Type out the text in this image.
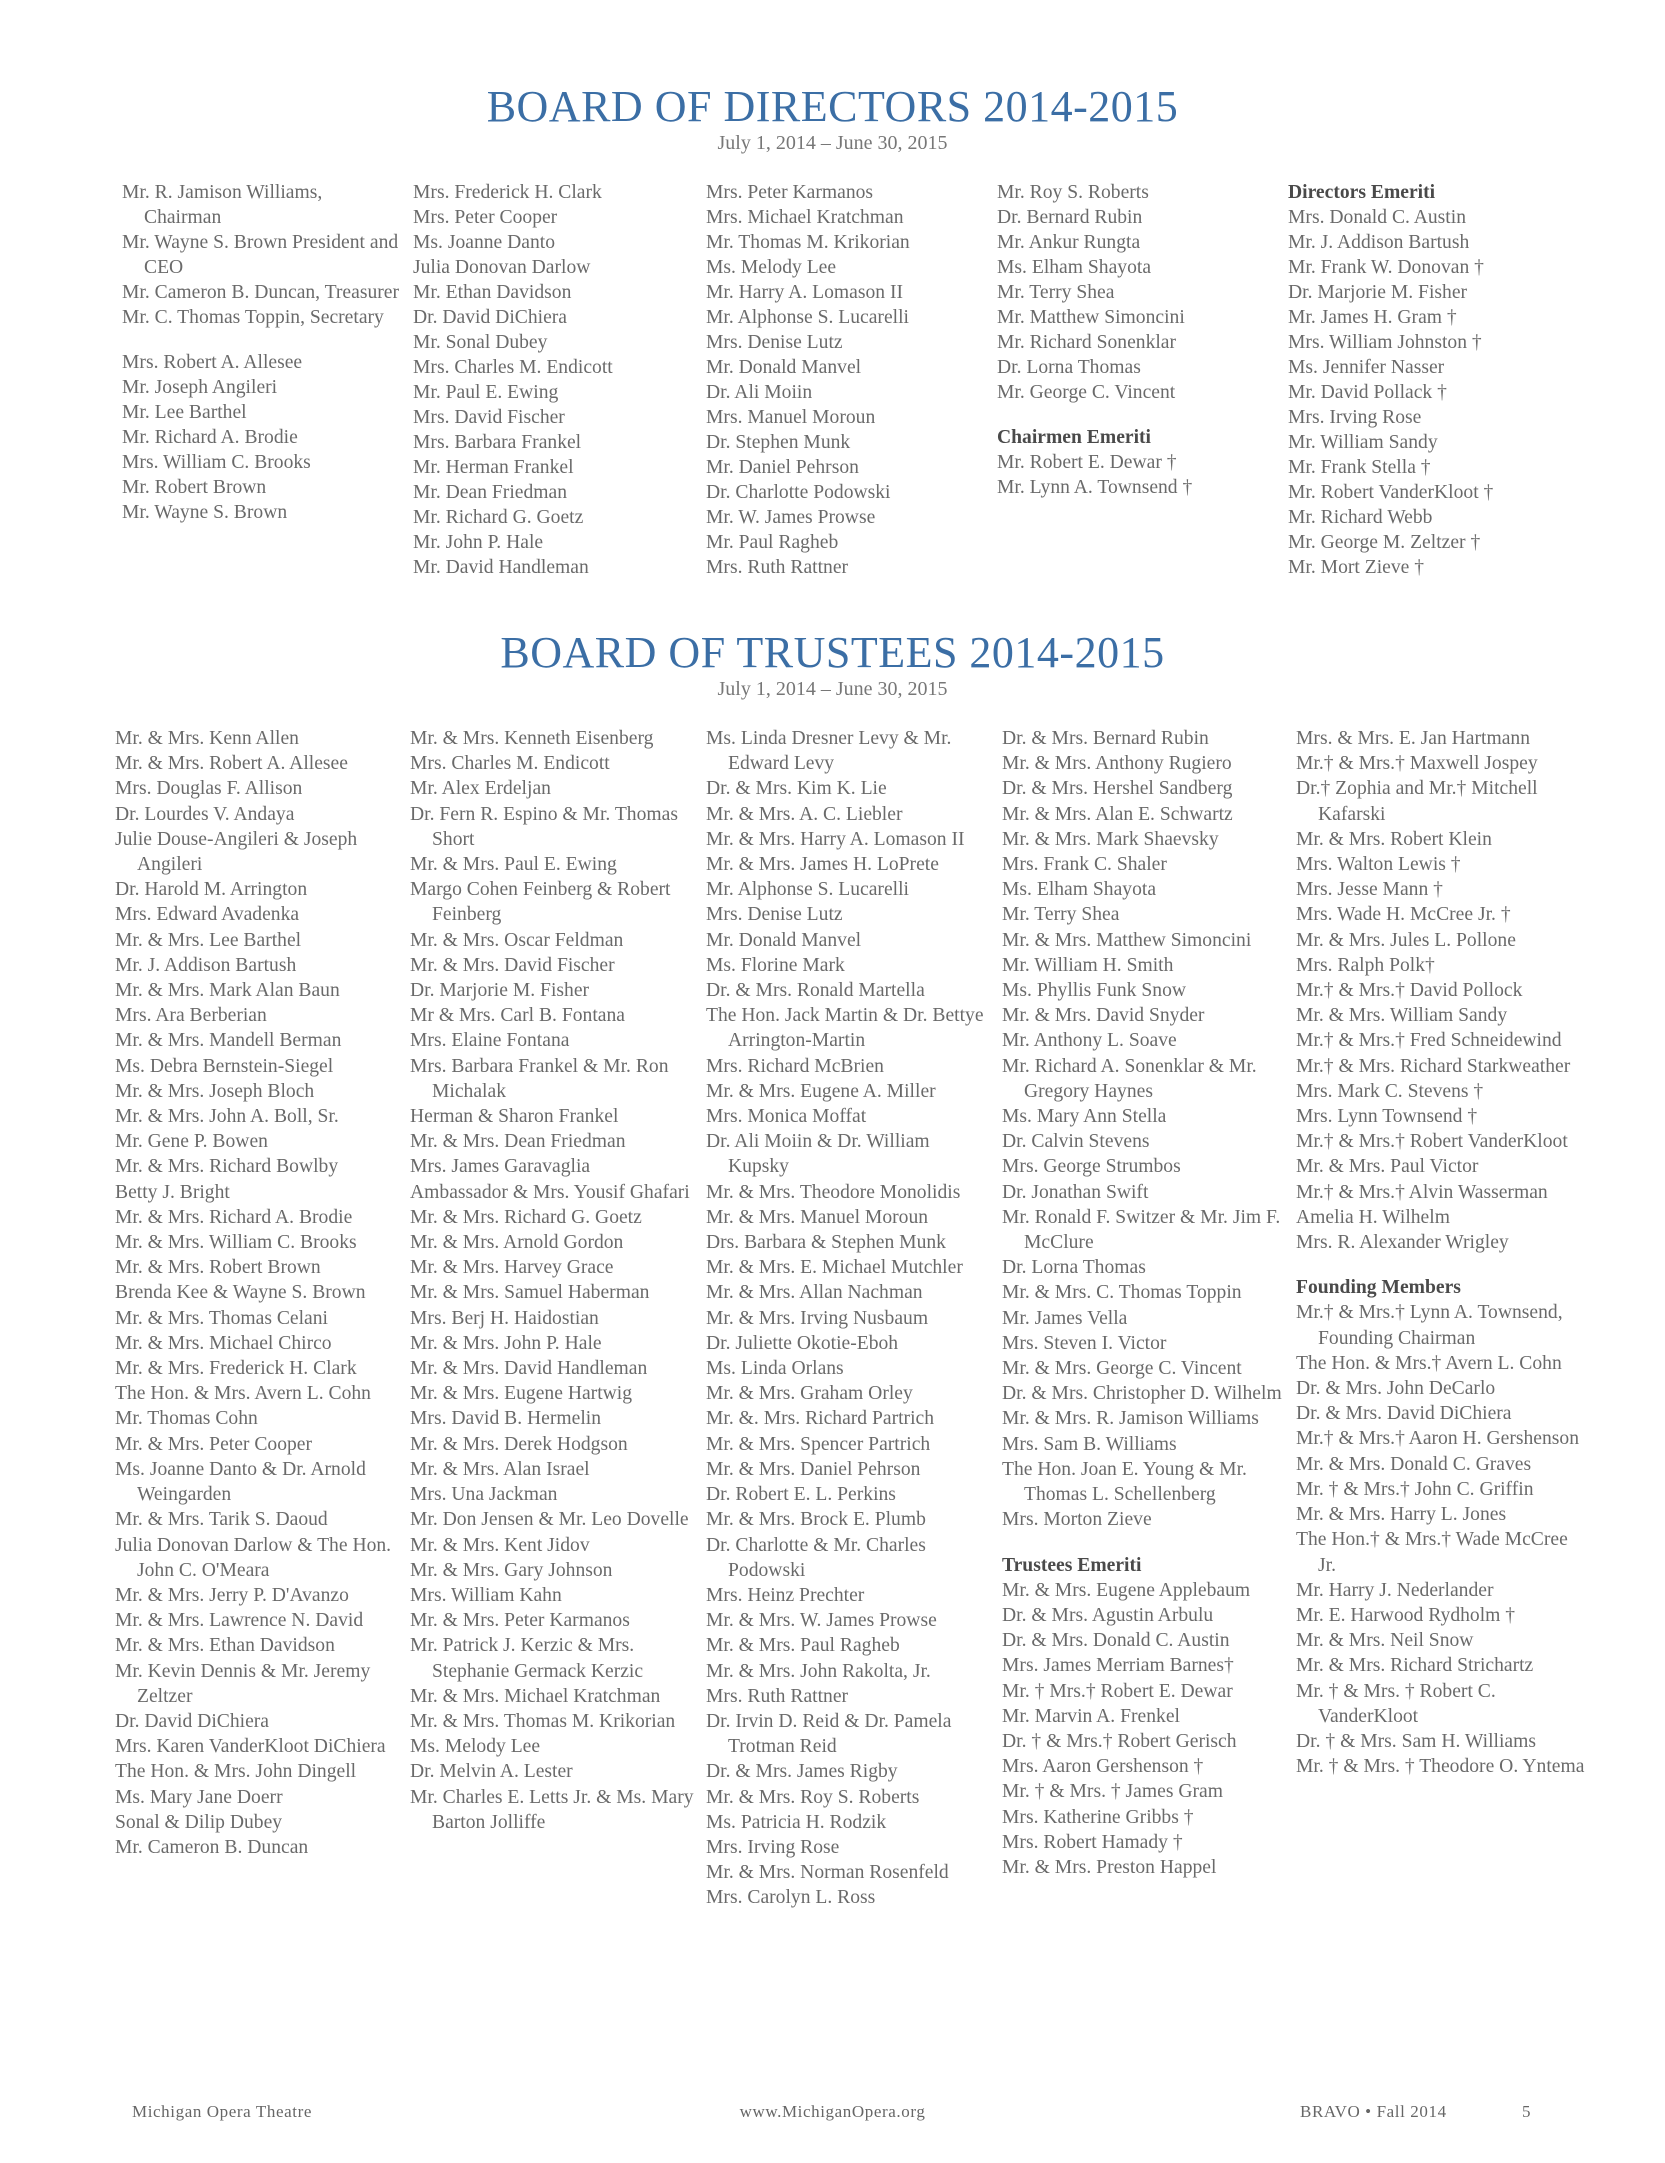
BOARD OF DIRECTORS 2014-2015
July 1, 2014 – June 30, 2015
Mr. R. Jamison Williams, Chairman
Mr. Wayne S. Brown President and CEO
Mr. Cameron B. Duncan, Treasurer
Mr. C. Thomas Toppin, Secretary
Mrs. Robert A. Allesee
Mr. Joseph Angileri
Mr. Lee Barthel
Mr. Richard A. Brodie
Mrs. William C. Brooks
Mr. Robert Brown
Mr. Wayne S. Brown
Mrs. Frederick H. Clark
Mrs. Peter Cooper
Ms. Joanne Danto
Julia Donovan Darlow
Mr. Ethan Davidson
Dr. David DiChiera
Mr. Sonal Dubey
Mrs. Charles M. Endicott
Mr. Paul E. Ewing
Mrs. David Fischer
Mrs. Barbara Frankel
Mr. Herman Frankel
Mr. Dean Friedman
Mr. Richard G. Goetz
Mr. John P. Hale
Mr. David Handleman
Mrs. Peter Karmanos
Mrs. Michael Kratchman
Mr. Thomas M. Krikorian
Ms. Melody Lee
Mr. Harry A. Lomason II
Mr. Alphonse S. Lucarelli
Mrs. Denise Lutz
Mr. Donald Manvel
Dr. Ali Moiin
Mrs. Manuel Moroun
Dr. Stephen Munk
Mr. Daniel Pehrson
Dr. Charlotte Podowski
Mr. W. James Prowse
Mr. Paul Ragheb
Mrs. Ruth Rattner
Mr. Roy S. Roberts
Dr. Bernard Rubin
Mr. Ankur Rungta
Ms. Elham Shayota
Mr. Terry Shea
Mr. Matthew Simoncini
Mr. Richard Sonenklar
Dr. Lorna Thomas
Mr. George C. Vincent
Chairmen Emeriti
Mr. Robert E. Dewar †
Mr. Lynn A. Townsend †
Directors Emeriti
Mrs. Donald C. Austin
Mr. J. Addison Bartush
Mr. Frank W. Donovan †
Dr. Marjorie M. Fisher
Mr. James H. Gram †
Mrs. William Johnston †
Ms. Jennifer Nasser
Mr. David Pollack †
Mrs. Irving Rose
Mr. William Sandy
Mr. Frank Stella †
Mr. Robert VanderKloot †
Mr. Richard Webb
Mr. George M. Zeltzer †
Mr. Mort Zieve †
BOARD OF TRUSTEES 2014-2015
July 1, 2014 – June 30, 2015
Mr. & Mrs. Kenn Allen
Mr. & Mrs. Robert A. Allesee
Mrs. Douglas F. Allison
Dr. Lourdes V. Andaya
Julie Douse-Angileri & Joseph Angileri
Dr. Harold M. Arrington
Mrs. Edward Avadenka
Mr. & Mrs. Lee Barthel
Mr. J. Addison Bartush
Mr. & Mrs. Mark Alan Baun
Mrs. Ara Berberian
Mr. & Mrs. Mandell Berman
Ms. Debra Bernstein-Siegel
Mr. & Mrs. Joseph Bloch
Mr. & Mrs. John A. Boll, Sr.
Mr. Gene P. Bowen
Mr. & Mrs. Richard Bowlby
Betty J. Bright
Mr. & Mrs. Richard A. Brodie
Mr. & Mrs. William C. Brooks
Mr. & Mrs. Robert Brown
Brenda Kee & Wayne S. Brown
Mr. & Mrs. Thomas Celani
Mr. & Mrs. Michael Chirco
Mr. & Mrs. Frederick H. Clark
The Hon. & Mrs. Avern L. Cohn
Mr. Thomas Cohn
Mr. & Mrs. Peter Cooper
Ms. Joanne Danto & Dr. Arnold Weingarden
Mr. & Mrs. Tarik S. Daoud
Julia Donovan Darlow & The Hon. John C. O'Meara
Mr. & Mrs. Jerry P. D'Avanzo
Mr. & Mrs. Lawrence N. David
Mr. & Mrs. Ethan Davidson
Mr. Kevin Dennis & Mr. Jeremy Zeltzer
Dr. David DiChiera
Mrs. Karen VanderKloot DiChiera
The Hon. & Mrs. John Dingell
Ms. Mary Jane Doerr
Sonal & Dilip Dubey
Mr. Cameron B. Duncan
Mr. & Mrs. Kenneth Eisenberg
Mrs. Charles M. Endicott
Mr. Alex Erdeljan
Dr. Fern R. Espino & Mr. Thomas Short
Mr. & Mrs. Paul E. Ewing
Margo Cohen Feinberg & Robert Feinberg
Mr. & Mrs. Oscar Feldman
Mr. & Mrs. David Fischer
Dr. Marjorie M. Fisher
Mr & Mrs. Carl B. Fontana
Mrs. Elaine Fontana
Mrs. Barbara Frankel & Mr. Ron Michalak
Herman & Sharon Frankel
Mr. & Mrs. Dean Friedman
Mrs. James Garavaglia
Ambassador & Mrs. Yousif Ghafari
Mr. & Mrs. Richard G. Goetz
Mr. & Mrs. Arnold Gordon
Mr. & Mrs. Harvey Grace
Mr. & Mrs. Samuel Haberman
Mrs. Berj H. Haidostian
Mr. & Mrs. John P. Hale
Mr. & Mrs. David Handleman
Mr. & Mrs. Eugene Hartwig
Mrs. David B. Hermelin
Mr. & Mrs. Derek Hodgson
Mr. & Mrs. Alan Israel
Mrs. Una Jackman
Mr. Don Jensen & Mr. Leo Dovelle
Mr. & Mrs. Kent Jidov
Mr. & Mrs. Gary Johnson
Mrs. William Kahn
Mr. & Mrs. Peter Karmanos
Mr. Patrick J. Kerzic & Mrs. Stephanie Germack Kerzic
Mr. & Mrs. Michael Kratchman
Mr. & Mrs. Thomas M. Krikorian
Ms. Melody Lee
Dr. Melvin A. Lester
Mr. Charles E. Letts Jr. & Ms. Mary Barton Jolliffe
Ms. Linda Dresner Levy & Mr. Edward Levy
Dr. & Mrs. Kim K. Lie
Mr. & Mrs. A. C. Liebler
Mr. & Mrs. Harry A. Lomason II
Mr. & Mrs. James H. LoPrete
Mr. Alphonse S. Lucarelli
Mrs. Denise Lutz
Mr. Donald Manvel
Ms. Florine Mark
Dr. & Mrs. Ronald Martella
The Hon. Jack Martin & Dr. Bettye Arrington-Martin
Mrs. Richard McBrien
Mr. & Mrs. Eugene A. Miller
Mrs. Monica Moffat
Dr. Ali Moiin & Dr. William Kupsky
Mr. & Mrs. Theodore Monolidis
Mr. & Mrs. Manuel Moroun
Drs. Barbara & Stephen Munk
Mr. & Mrs. E. Michael Mutchler
Mr. & Mrs. Allan Nachman
Mr. & Mrs. Irving Nusbaum
Dr. Juliette Okotie-Eboh
Ms. Linda Orlans
Mr. & Mrs. Graham Orley
Mr. &. Mrs. Richard Partrich
Mr. & Mrs. Spencer Partrich
Mr. & Mrs. Daniel Pehrson
Dr. Robert E. L. Perkins
Mr. & Mrs. Brock E. Plumb
Dr. Charlotte & Mr. Charles Podowski
Mrs. Heinz Prechter
Mr. & Mrs. W. James Prowse
Mr. & Mrs. Paul Ragheb
Mr. & Mrs. John Rakolta, Jr.
Mrs. Ruth Rattner
Dr. Irvin D. Reid & Dr. Pamela Trotman Reid
Dr. & Mrs. James Rigby
Mr. & Mrs. Roy S. Roberts
Ms. Patricia H. Rodzik
Mrs. Irving Rose
Mr. & Mrs. Norman Rosenfeld
Mrs. Carolyn L. Ross
Dr. & Mrs. Bernard Rubin
Mr. & Mrs. Anthony Rugiero
Dr. & Mrs. Hershel Sandberg
Mr. & Mrs. Alan E. Schwartz
Mr. & Mrs. Mark Shaevsky
Mrs. Frank C. Shaler
Ms. Elham Shayota
Mr. Terry Shea
Mr. & Mrs. Matthew Simoncini
Mr. William H. Smith
Ms. Phyllis Funk Snow
Mr. & Mrs. David Snyder
Mr. Anthony L. Soave
Mr. Richard A. Sonenklar & Mr. Gregory Haynes
Ms. Mary Ann Stella
Dr. Calvin Stevens
Mrs. George Strumbos
Dr. Jonathan Swift
Mr. Ronald F. Switzer & Mr. Jim F. McClure
Dr. Lorna Thomas
Mr. & Mrs. C. Thomas Toppin
Mr. James Vella
Mrs. Steven I. Victor
Mr. & Mrs. George C. Vincent
Dr. & Mrs. Christopher D. Wilhelm
Mr. & Mrs. R. Jamison Williams
Mrs. Sam B. Williams
The Hon. Joan E. Young & Mr. Thomas L. Schellenberg
Mrs. Morton Zieve
Trustees Emeriti
Mr. & Mrs. Eugene Applebaum
Dr. & Mrs. Agustin Arbulu
Dr. & Mrs. Donald C. Austin
Mrs. James Merriam Barnes†
Mr. † Mrs.† Robert E. Dewar
Mr. Marvin A. Frenkel
Dr. † & Mrs.† Robert Gerisch
Mrs. Aaron Gershenson †
Mr. † & Mrs. † James Gram
Mrs. Katherine Gribbs †
Mrs. Robert Hamady †
Mr. & Mrs. Preston Happel
Mrs. & Mrs. E. Jan Hartmann
Mr.† & Mrs.† Maxwell Jospey
Dr.† Zophia and Mr.† Mitchell Kafarski
Mr. & Mrs. Robert Klein
Mrs. Walton Lewis †
Mrs. Jesse Mann †
Mrs. Wade H. McCree Jr. †
Mr. & Mrs. Jules L. Pollone
Mrs. Ralph Polk†
Mr.† & Mrs.† David Pollock
Mr. & Mrs. William Sandy
Mr.† & Mrs.† Fred Schneidewind
Mr.† & Mrs. Richard Starkweather
Mrs. Mark C. Stevens †
Mrs. Lynn Townsend †
Mr.† & Mrs.† Robert VanderKloot
Mr. & Mrs. Paul Victor
Mr.† & Mrs.† Alvin Wasserman
Amelia H. Wilhelm
Mrs. R. Alexander Wrigley
Founding Members
Mr.† & Mrs.† Lynn A. Townsend, Founding Chairman
The Hon. & Mrs.† Avern L. Cohn
Dr. & Mrs. John DeCarlo
Dr. & Mrs. David DiChiera
Mr.† & Mrs.† Aaron H. Gershenson
Mr. & Mrs. Donald C. Graves
Mr. † & Mrs.† John C. Griffin
Mr. & Mrs. Harry L. Jones
The Hon.† & Mrs.† Wade McCree Jr.
Mr. Harry J. Nederlander
Mr. E. Harwood Rydholm †
Mr. & Mrs. Neil Snow
Mr. & Mrs. Richard Strichartz
Mr. † & Mrs. † Robert C. VanderKloot
Dr. † & Mrs. Sam H. Williams
Mr. † & Mrs. † Theodore O. Yntema
Michigan Opera Theatre	www.MichiganOpera.org	BRAVO • Fall 2014	5
